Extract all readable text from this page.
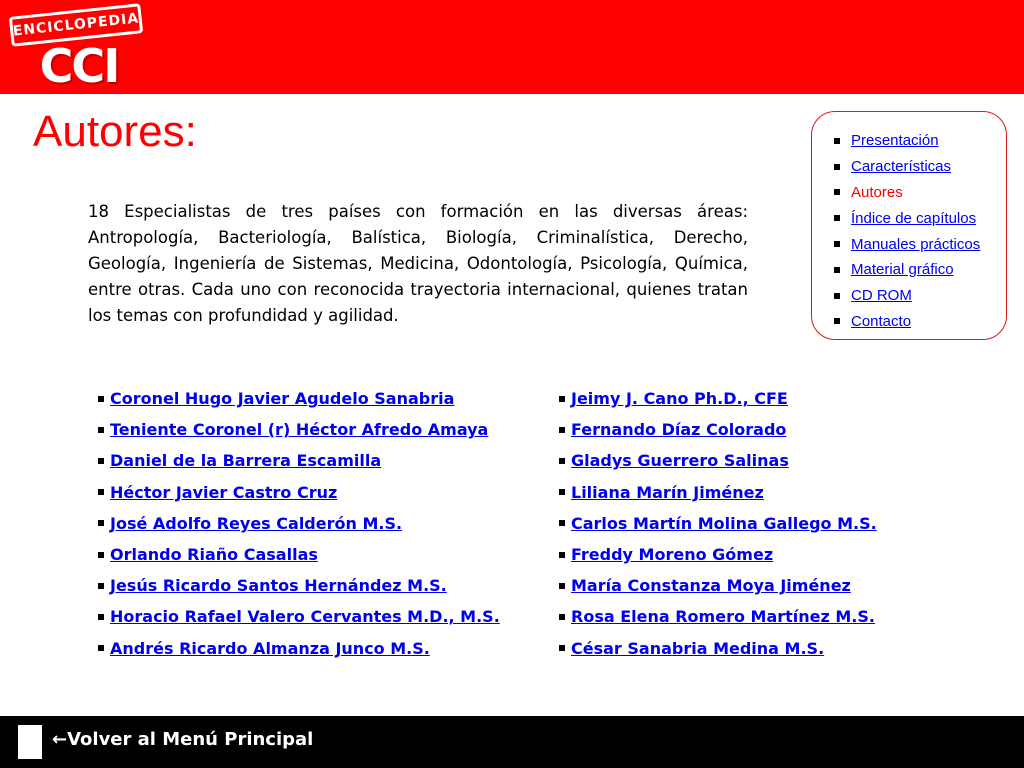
ENCICLOPEDIA
CCI
Autores:

18 Especialistas de tres países con formación en las diversas áreas: Antropología, Bacteriología, Balística, Biología, Criminalística, Derecho, Geología, Ingeniería de Sistemas, Medicina, Odontología, Psicología, Química, entre otras. Cada uno con reconocida trayectoria internacional, quienes tratan los temas con profundidad y agilidad.

Presentación
Características
Autores
Índice de capítulos
Manuales prácticos
Material gráfico
CD ROM
Contacto
Coronel Hugo Javier Agudelo Sanabria
Teniente Coronel (r) Héctor Afredo Amaya
Daniel de la Barrera Escamilla
Héctor Javier Castro Cruz
José Adolfo Reyes Calderón M.S.
Orlando Riaño Casallas
Jesús Ricardo Santos Hernández M.S.
Horacio Rafael Valero Cervantes M.D., M.S.
Andrés Ricardo Almanza Junco M.S.
Jeimy J. Cano Ph.D., CFE
Fernando Díaz Colorado
Gladys Guerrero Salinas
Liliana Marín Jiménez
Carlos Martín Molina Gallego M.S.
Freddy Moreno Gómez
María Constanza Moya Jiménez
Rosa Elena Romero Martínez M.S.
César Sanabria Medina M.S.
←Volver al Menú Principal
